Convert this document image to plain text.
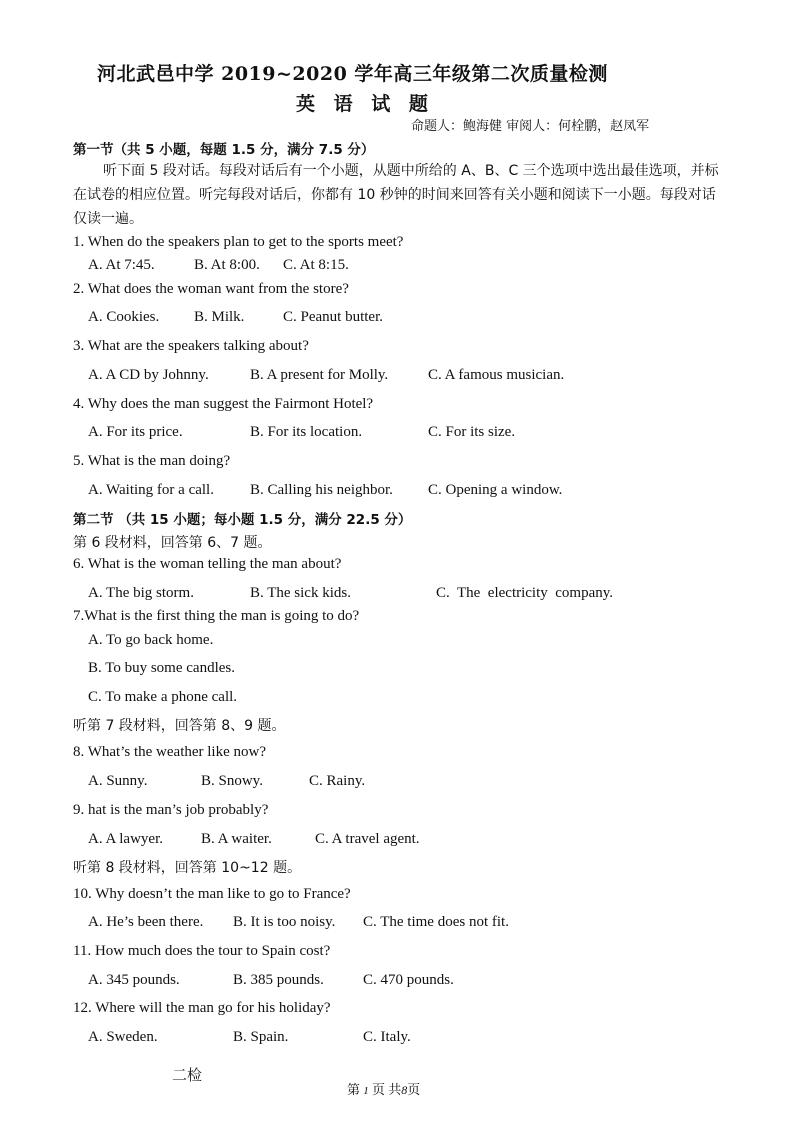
河北武邑中学 2019~2020 学年高三年级第二次质量检测
英 语 试 题
命题人：鲍海健 审阅人：何栓鹏，赵凤军
第一节（共 5 小题，每题 1.5 分，满分 7.5 分）
听下面 5 段对话。每段对话后有一个小题，从题中所给的 A、B、C 三个选项中选出最佳选项，并标在试卷的相应位置。听完每段对话后，你都有 10 秒钟的时间来回答有关小题和阅读下一小题。每段对话仅读一遍。
1. When do the speakers plan to get to the sports meet?
A. At 7:45.	B. At 8:00. C. At 8:15.
2. What does the woman want from the store?
A. Cookies. B. Milk.	C. Peanut butter.
3. What are the speakers talking about?
A. A CD by Johnny.	B. A present for Molly.	C. A famous musician.
4. Why does the man suggest the Fairmont Hotel?
A. For its price.	B. For its location.	C. For its size.
5. What is the man doing?
A. Waiting for a call. B. Calling his neighbor. C. Opening a window.
第二节 （共 15 小题；每小题 1.5 分，满分 22.5 分）
第 6 段材料，回答第 6、7 题。
6. What is the woman telling the man about?
A. The big storm.	B. The sick kids.	C.  The  electricity  company.
7.What is the first thing the man is going to do?
A. To go back home.
B. To buy some candles.
C. To make a phone call.
听第 7 段材料，回答第 8、9 题。
8. What’s the weather like now?
A. Sunny.	B. Snowy.	C. Rainy.
9. hat is the man’s job probably?
A. A lawyer.	B. A waiter.	C. A travel agent.
听第 8 段材料，回答第 10~12 题。
10. Why doesn’t the man like to go to France?
A. He’s been there. B. It is too noisy. C. The time does not fit.
11. How much does the tour to Spain cost?
A. 345 pounds.	B. 385 pounds.	C. 470 pounds.
12. Where will the man go for his holiday?
A. Sweden.	B. Spain.	C. Italy.
二检
第 1 页 共8页
